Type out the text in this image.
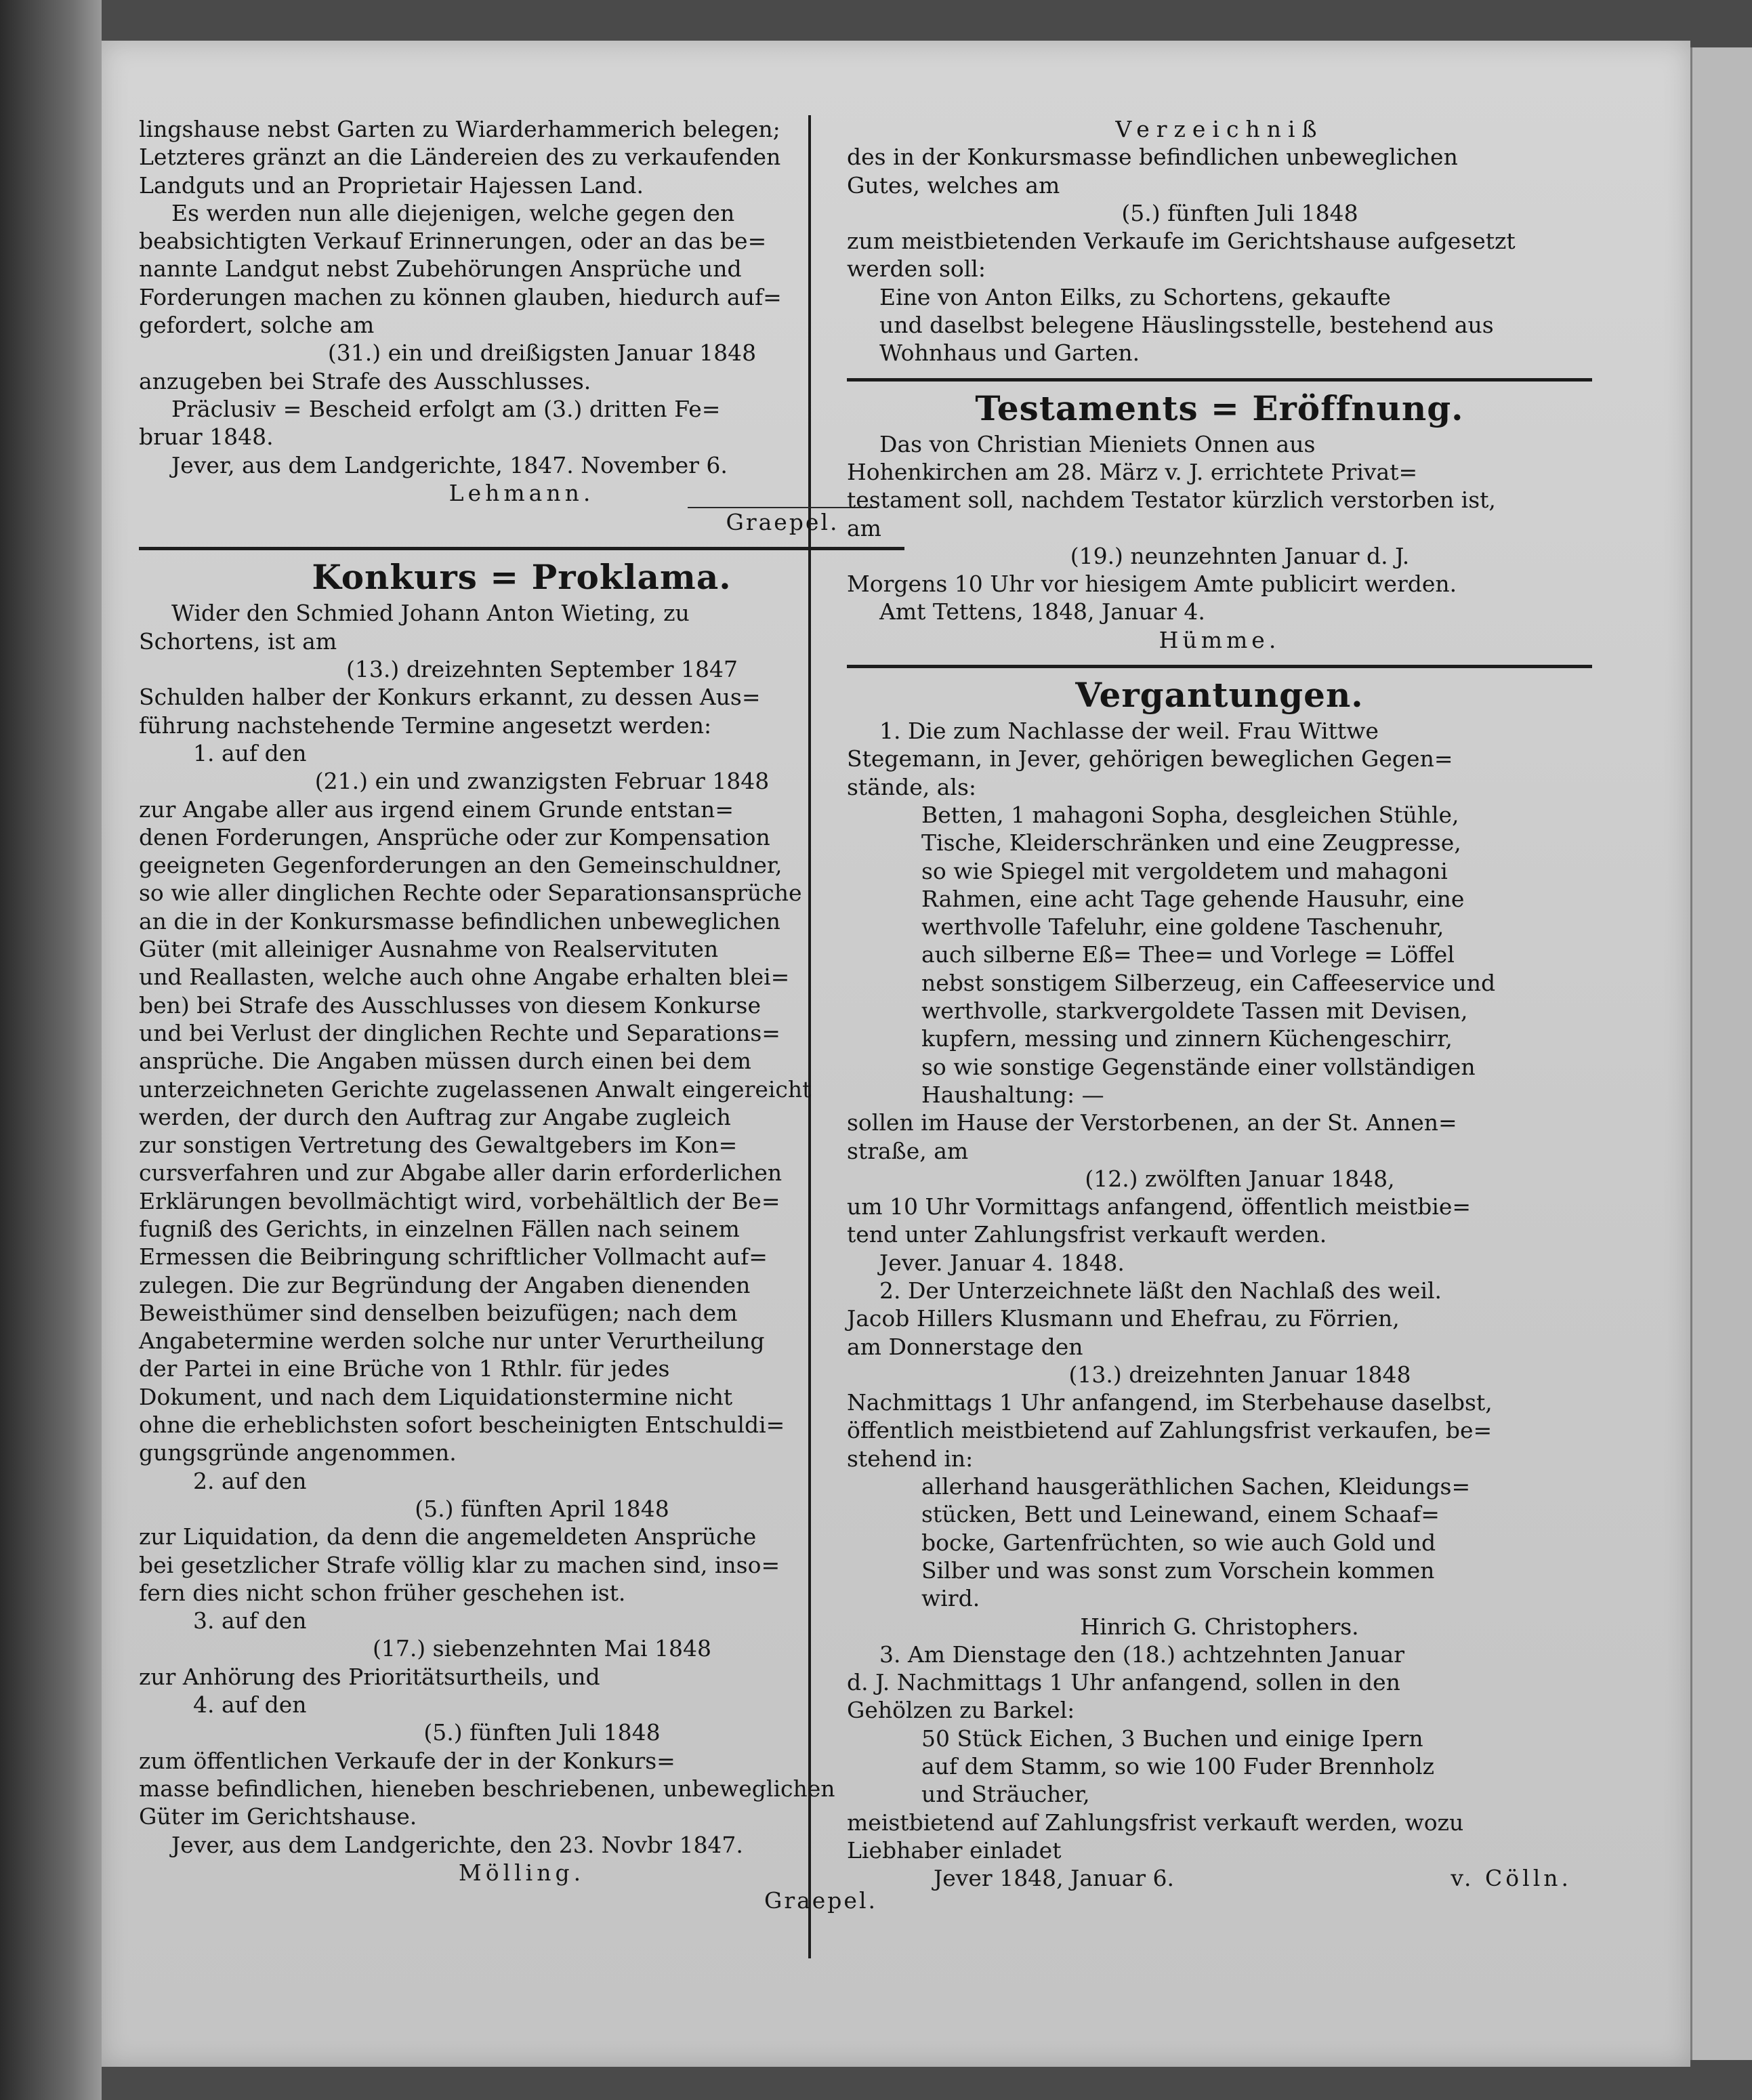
lingshause nebst Garten zu Wiarderhammerich belegen;

Letzteres gränzt an die Ländereien des zu verkaufenden

Landguts und an Proprietair Hajessen Land.

Es werden nun alle diejenigen, welche gegen den

beabsichtigten Verkauf Erinnerungen, oder an das be=

nannte Landgut nebst Zubehörungen Ansprüche und

Forderungen machen zu können glauben, hiedurch auf=

gefordert, solche am

(31.) ein und dreißigsten Januar 1848

anzugeben bei Strafe des Ausschlusses.

Präclusiv = Bescheid erfolgt am (3.) dritten Fe=

bruar 1848.

Jever, aus dem Landgerichte, 1847. November 6.

Lehmann.

Graepel.

Konkurs = Proklama.

Wider den Schmied Johann Anton Wieting, zu

Schortens, ist am

(13.) dreizehnten September 1847

Schulden halber der Konkurs erkannt, zu dessen Aus=

führung nachstehende Termine angesetzt werden:

1. auf den

(21.) ein und zwanzigsten Februar 1848

zur Angabe aller aus irgend einem Grunde entstan=

denen Forderungen, Ansprüche oder zur Kompensation

geeigneten Gegenforderungen an den Gemeinschuldner,

so wie aller dinglichen Rechte oder Separationsansprüche

an die in der Konkursmasse befindlichen unbeweglichen

Güter (mit alleiniger Ausnahme von Realservituten

und Reallasten, welche auch ohne Angabe erhalten blei=

ben) bei Strafe des Ausschlusses von diesem Konkurse

und bei Verlust der dinglichen Rechte und Separations=

ansprüche. Die Angaben müssen durch einen bei dem

unterzeichneten Gerichte zugelassenen Anwalt eingereicht

werden, der durch den Auftrag zur Angabe zugleich

zur sonstigen Vertretung des Gewaltgebers im Kon=

cursverfahren und zur Abgabe aller darin erforderlichen

Erklärungen bevollmächtigt wird, vorbehältlich der Be=

fugniß des Gerichts, in einzelnen Fällen nach seinem

Ermessen die Beibringung schriftlicher Vollmacht auf=

zulegen. Die zur Begründung der Angaben dienenden

Beweisthümer sind denselben beizufügen; nach dem

Angabetermine werden solche nur unter Verurtheilung

der Partei in eine Brüche von 1 Rthlr. für jedes

Dokument, und nach dem Liquidationstermine nicht

ohne die erheblichsten sofort bescheinigten Entschuldi=

gungsgründe angenommen.

2. auf den

(5.) fünften April 1848

zur Liquidation, da denn die angemeldeten Ansprüche

bei gesetzlicher Strafe völlig klar zu machen sind, inso=

fern dies nicht schon früher geschehen ist.

3. auf den

(17.) siebenzehnten Mai 1848

zur Anhörung des Prioritätsurtheils, und

4. auf den

(5.) fünften Juli 1848

zum öffentlichen Verkaufe der in der Konkurs=

masse befindlichen, hieneben beschriebenen, unbeweglichen

Güter im Gerichtshause.

Jever, aus dem Landgerichte, den 23. Novbr 1847.

Mölling.

Graepel.

Verzeichniß

des in der Konkursmasse befindlichen unbeweglichen

Gutes, welches am

(5.) fünften Juli 1848

zum meistbietenden Verkaufe im Gerichtshause aufgesetzt

werden soll:

Eine von Anton Eilks, zu Schortens, gekaufte

und daselbst belegene Häuslingsstelle, bestehend aus

Wohnhaus und Garten.

Testaments = Eröffnung.

Das von Christian Mieniets Onnen aus

Hohenkirchen am 28. März v. J. errichtete Privat=

testament soll, nachdem Testator kürzlich verstorben ist,

am

(19.) neunzehnten Januar d. J.

Morgens 10 Uhr vor hiesigem Amte publicirt werden.

Amt Tettens, 1848, Januar 4.

Hümme.

Vergantungen.

1. Die zum Nachlasse der weil. Frau Wittwe

Stegemann, in Jever, gehörigen beweglichen Gegen=

stände, als:

Betten, 1 mahagoni Sopha, desgleichen Stühle,

Tische, Kleiderschränken und eine Zeugpresse,

so wie Spiegel mit vergoldetem und mahagoni

Rahmen, eine acht Tage gehende Hausuhr, eine

werthvolle Tafeluhr, eine goldene Taschenuhr,

auch silberne Eß= Thee= und Vorlege = Löffel

nebst sonstigem Silberzeug, ein Caffeeservice und

werthvolle, starkvergoldete Tassen mit Devisen,

kupfern, messing und zinnern Küchengeschirr,

so wie sonstige Gegenstände einer vollständigen

Haushaltung: —

sollen im Hause der Verstorbenen, an der St. Annen=

straße, am

(12.) zwölften Januar 1848,

um 10 Uhr Vormittags anfangend, öffentlich meistbie=

tend unter Zahlungsfrist verkauft werden.

Jever. Januar 4. 1848.

2. Der Unterzeichnete läßt den Nachlaß des weil.

Jacob Hillers Klusmann und Ehefrau, zu Förrien,

am Donnerstage den

(13.) dreizehnten Januar 1848

Nachmittags 1 Uhr anfangend, im Sterbehause daselbst,

öffentlich meistbietend auf Zahlungsfrist verkaufen, be=

stehend in:

allerhand hausgeräthlichen Sachen, Kleidungs=

stücken, Bett und Leinewand, einem Schaaf=

bocke, Gartenfrüchten, so wie auch Gold und

Silber und was sonst zum Vorschein kommen

wird.

Hinrich G. Christophers.

3. Am Dienstage den (18.) achtzehnten Januar

d. J. Nachmittags 1 Uhr anfangend, sollen in den

Gehölzen zu Barkel:

50 Stück Eichen, 3 Buchen und einige Ipern

auf dem Stamm, so wie 100 Fuder Brennholz

und Sträucher,

meistbietend auf Zahlungsfrist verkauft werden, wozu

Liebhaber einladet

Jever 1848, Januar 6.	v. Cölln.
